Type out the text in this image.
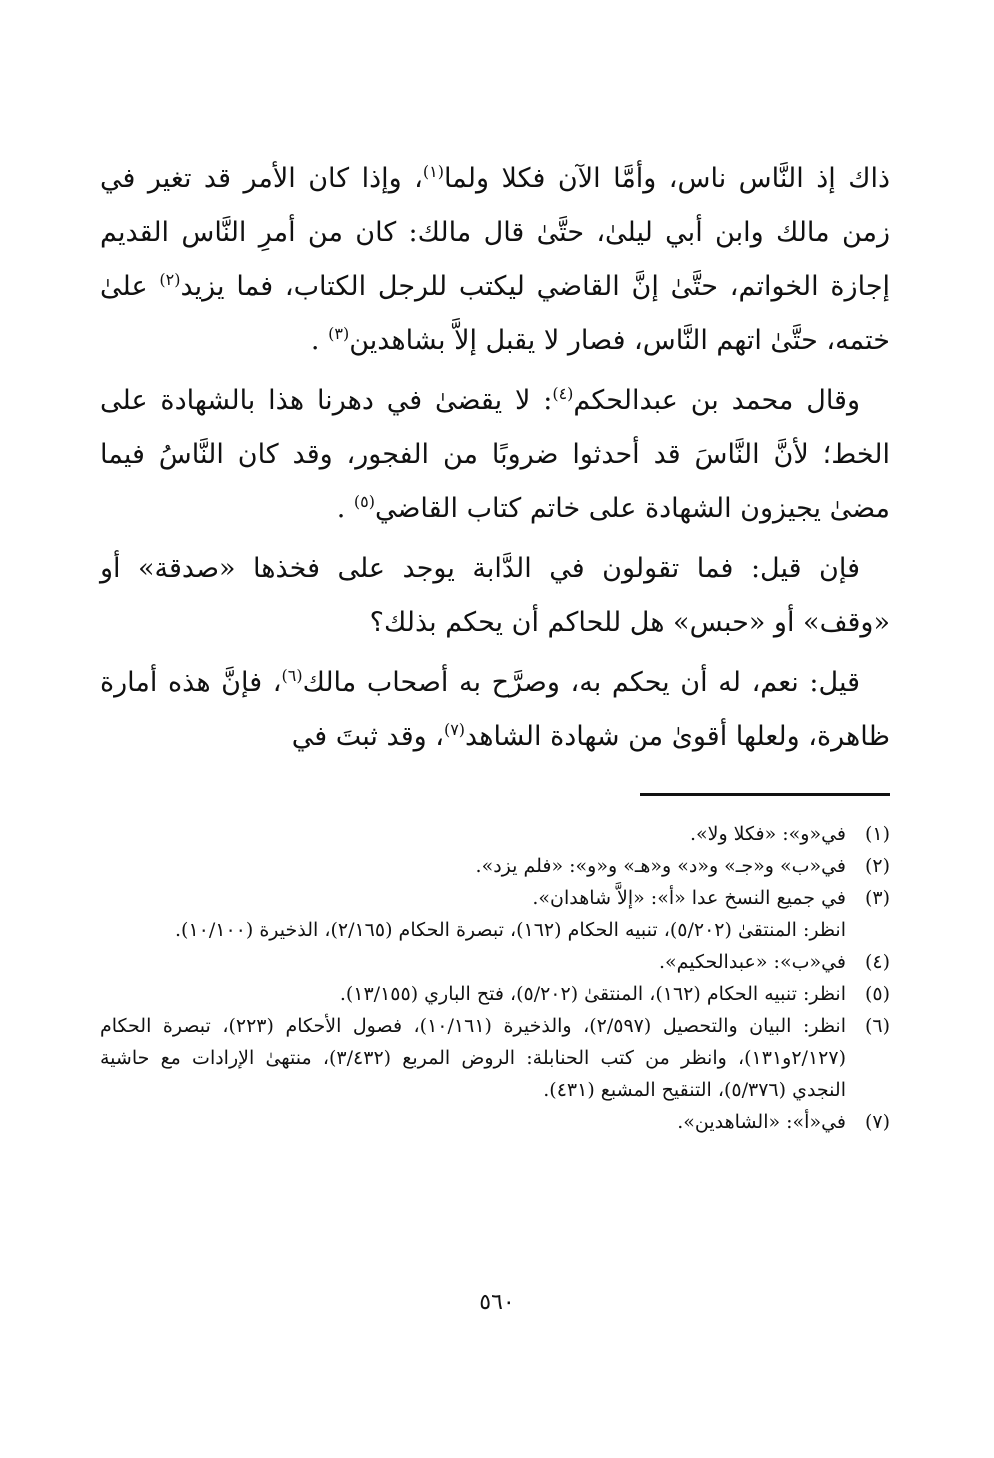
ذاك إذ النَّاس ناس، وأمَّا الآن فكلا ولما$^{(١)}$، وإذا كان الأمر قد تغير في زمن مالك وابن أبي ليلىٰ، حتَّىٰ قال مالك: كان من أمرِ النَّاس القديم إجازة الخواتم، حتَّىٰ إنَّ القاضي ليكتب للرجل الكتاب، فما يزيد$^{(٢)}$ علىٰ ختمه، حتَّىٰ اتهم النَّاس، فصار لا يقبل إلاَّ بشاهدين$^{(٣)}$ .

وقال محمد بن عبدالحكم$^{(٤)}$: لا يقضىٰ في دهرنا هذا بالشهادة على الخط؛ لأنَّ النَّاسَ قد أحدثوا ضروبًا من الفجور، وقد كان النَّاسُ فيما مضىٰ يجيزون الشهادة على خاتم كتاب القاضي$^{(٥)}$ .

فإن قيل: فما تقولون في الدَّابة يوجد على فخذها «صدقة» أو «وقف» أو «حبس» هل للحاكم أن يحكم بذلك؟

قيل: نعم، له أن يحكم به، وصرَّح به أصحاب مالك$^{(٦)}$، فإنَّ هذه أمارة ظاهرة، ولعلها أقوىٰ من شهادة الشاهد$^{(٧)}$، وقد ثبتَ في

(١)
في«و»: «فكلا ولا».
(٢)
في«ب» و«جـ» و«د» و«هـ» و«و»: «فلم يزد».
(٣)
في جميع النسخ عدا «أ»: «إلاَّ شاهدان».
انظر: المنتقىٰ (٥/٢٠٢)، تنبيه الحكام (١٦٢)، تبصرة الحكام (٢/١٦٥)، الذخيرة (١٠/١٠٠).
(٤)
في«ب»: «عبدالحكيم».
(٥)
انظر: تنبيه الحكام (١٦٢)، المنتقىٰ (٥/٢٠٢)، فتح الباري (١٣/١٥٥).
(٦)
انظر: البيان والتحصيل (٢/٥٩٧)، والذخيرة (١٠/١٦١)، فصول الأحكام (٢٢٣)، تبصرة الحكام (٢/١٢٧و١٣١)، وانظر من كتب الحنابلة: الروض المربع (٣/٤٣٢)، منتهىٰ الإرادات مع حاشية النجدي (٥/٣٧٦)، التنقيح المشبع (٤٣١).
(٧)
في«أ»: «الشاهدين».
٥٦٠
